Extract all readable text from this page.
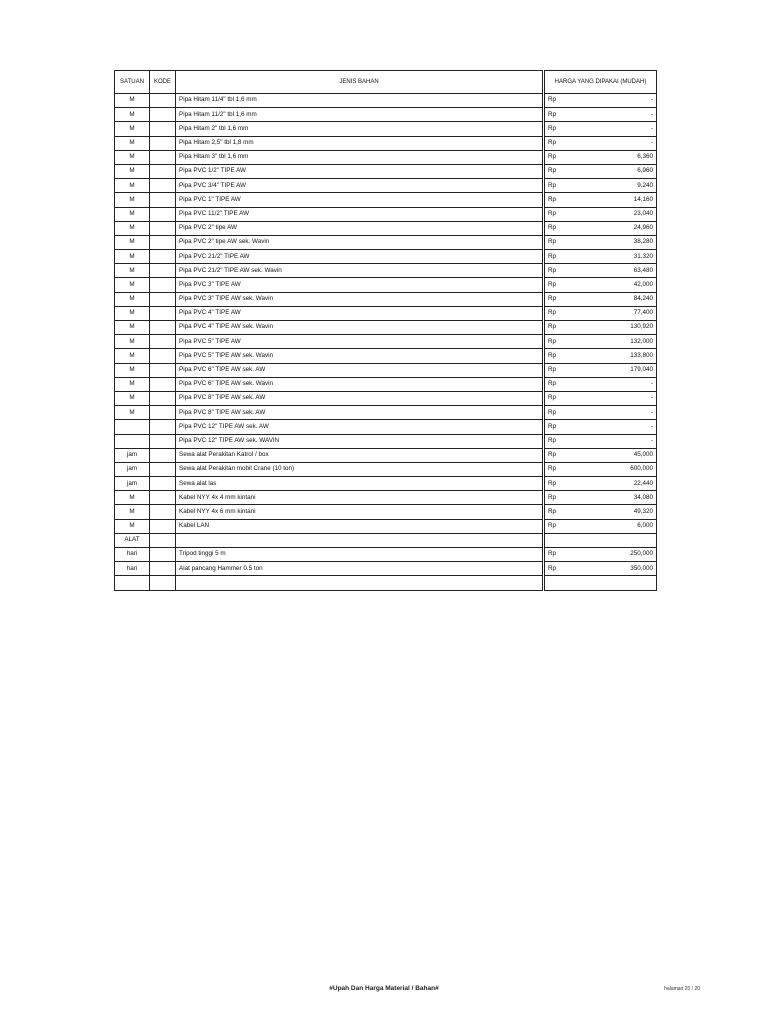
SATUAN	KODE	JENIS BAHAN	HARGA YANG DIPAKAI (MUDAH)	
M		Pipa Hitam 11/4" tbl 1,6 mm	Rp	-
M		Pipa Hitam 11/2" tbl 1,6 mm	Rp	-
M		Pipa Hitam 2" tbl 1,6 mm	Rp	-
M		Pipa Hitam 2,5" tbl 1,8 mm	Rp	-
M		Pipa Hitam 3" tbl 1,6 mm	Rp	6,360
M		Pipa PVC 1/2" TIPE AW	Rp	6,960
M		Pipa PVC 3/4" TIPE AW	Rp	9,240
M		Pipa PVC 1" TIPE AW	Rp	14,160
M		Pipa PVC 11/2" TIPE AW	Rp	23,040
M		Pipa PVC 2" tipe AW	Rp	24,960
M		Pipa PVC 2" tipe AW sek. Wavin	Rp	38,280
M		Pipa PVC 21/2" TIPE AW	Rp	31,320
M		Pipa PVC 21/2" TIPE AW sek. Wavin	Rp	63,480
M		Pipa PVC 3" TIPE AW	Rp	42,000
M		Pipa PVC 3" TIPE AW sek. Wavin	Rp	84,240
M		Pipa PVC 4" TIPE AW	Rp	77,400
M		Pipa PVC 4" TIPE AW sek. Wavin	Rp	130,920
M		Pipa PVC 5" TIPE AW	Rp	132,000
M		Pipa PVC 5" TIPE AW sek. Wavin	Rp	133,800
M		Pipa PVC 6" TIPE AW sek. AW	Rp	179,040
M		Pipa PVC 6" TIPE AW sek. Wavin	Rp	-
M		Pipa PVC 8" TIPE AW sek. AW	Rp	-
M		Pipa PVC 8" TIPE AW sek. AW	Rp	-
		Pipa PVC 12" TIPE AW sek. AW	Rp	-
		Pipa PVC 12" TIPE AW sek. WAVIN	Rp	-
jam		Sewa alat Perakitan Katrol / box	Rp	45,000
jam		Sewa alat Perakitan mobil Crane (10 ton)	Rp	600,000
jam		Sewa alat las	Rp	22,440
M		Kabel NYY 4x 4 mm kintani	Rp	34,080
M		Kabel NYY 4x 6 mm kintani	Rp	49,320
M		Kabel LAN	Rp	6,000
ALAT				
hari		Tripod tinggi 5 m	Rp	250,000
hari		Alat pancang Hammer 0.5 ton	Rp	350,000

#Upah Dan Harga Material / Bahan#	halaman 20 / 20
